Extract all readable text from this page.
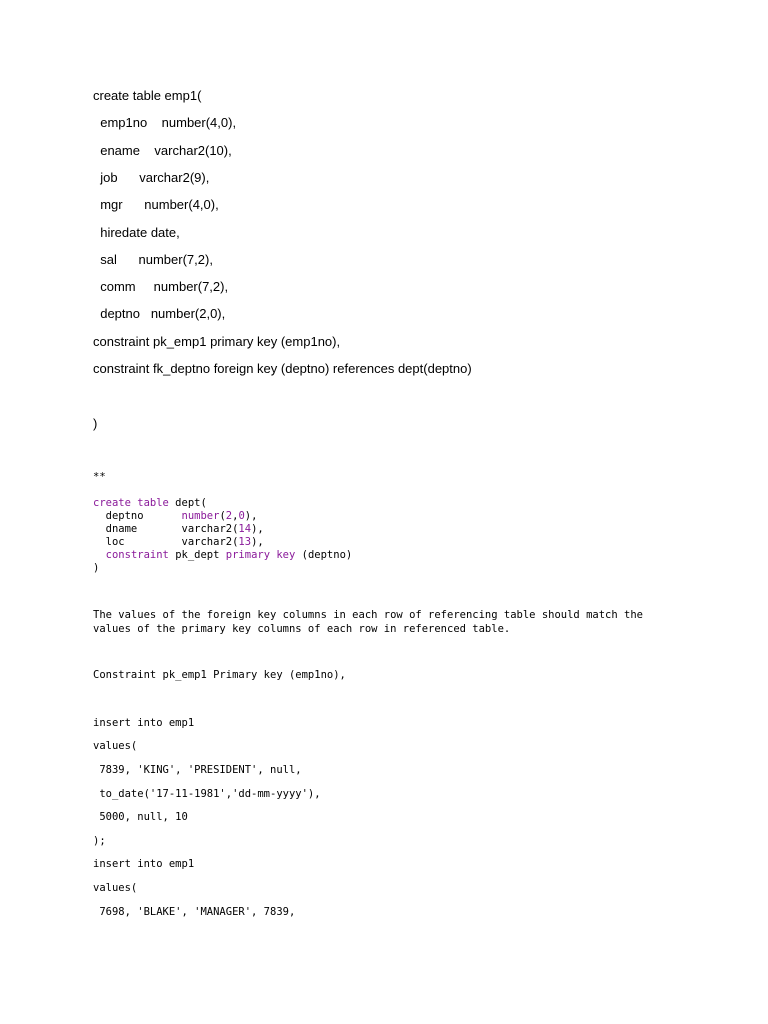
create table emp1(
emp1no    number(4,0),
ename    varchar2(10),
job      varchar2(9),
mgr      number(4,0),
hiredate date,
sal      number(7,2),
comm     number(7,2),
deptno   number(2,0),
constraint pk_emp1 primary key (emp1no),
constraint fk_deptno foreign key (deptno) references dept(deptno)
)
**
create table dept(
deptno      number(2,0),
dname       varchar2(14),
loc         varchar2(13),
constraint pk_dept primary key (deptno)
)
The values of the foreign key columns in each row of referencing table should match the
values of the primary key columns of each row in referenced table.
Constraint pk_emp1 Primary key (emp1no),
insert into emp1
values(
7839, 'KING', 'PRESIDENT', null,
to_date('17-11-1981','dd-mm-yyyy'),
5000, null, 10
);
insert into emp1
values(
7698, 'BLAKE', 'MANAGER', 7839,
